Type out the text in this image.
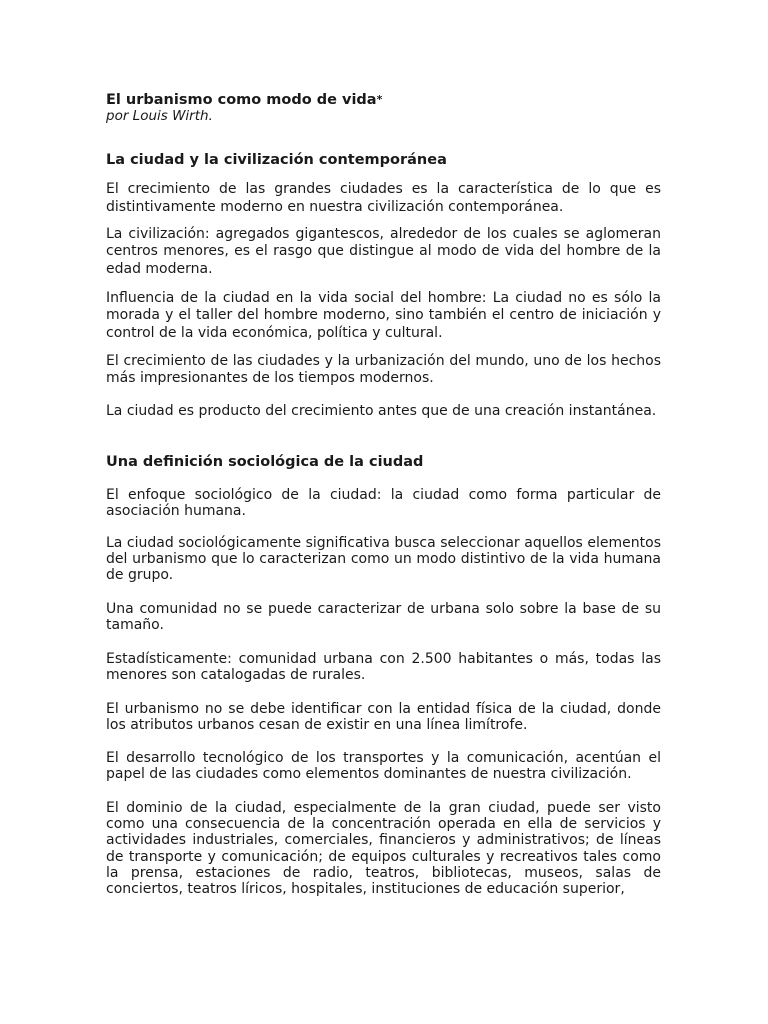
El urbanismo como modo de vida*

por Louis Wirth.

La ciudad y la civilización contemporánea

El crecimiento de las grandes ciudades es la característica de lo que es distintivamente moderno en nuestra civilización contemporánea.

La civilización: agregados gigantescos, alrededor de los cuales se aglomeran centros menores, es el rasgo que distingue al modo de vida del hombre de la edad moderna.

Influencia de la ciudad en la vida social del hombre: La ciudad no es sólo la morada y el taller del hombre moderno, sino también el centro de iniciación y control de la vida económica, política y cultural.

El crecimiento de las ciudades y la urbanización del mundo, uno de los hechos más impresionantes de los tiempos modernos.

La ciudad es producto del crecimiento antes que de una creación instantánea.

Una definición sociológica de la ciudad

El enfoque sociológico de la ciudad: la ciudad como forma particular de asociación humana.

La ciudad sociológicamente significativa busca seleccionar aquellos elementos del urbanismo que lo caracterizan como un modo distintivo de la vida humana de grupo.

Una comunidad no se puede caracterizar de urbana solo sobre la base de su tamaño.

Estadísticamente: comunidad urbana con 2.500 habitantes o más, todas las menores son catalogadas de rurales.

El urbanismo no se debe identificar con la entidad física de la ciudad, donde los atributos urbanos cesan de existir en una línea limítrofe.

El desarrollo tecnológico de los transportes y la comunicación, acentúan el papel de las ciudades como elementos dominantes de nuestra civilización.

El dominio de la ciudad, especialmente de la gran ciudad, puede ser visto como una consecuencia de la concentración operada en ella de servicios y actividades industriales, comerciales, financieros y administrativos; de líneas de transporte y comunicación; de equipos culturales y recreativos tales como la prensa, estaciones de radio, teatros, bibliotecas, museos, salas de conciertos, teatros líricos, hospitales, instituciones de educación superior,
